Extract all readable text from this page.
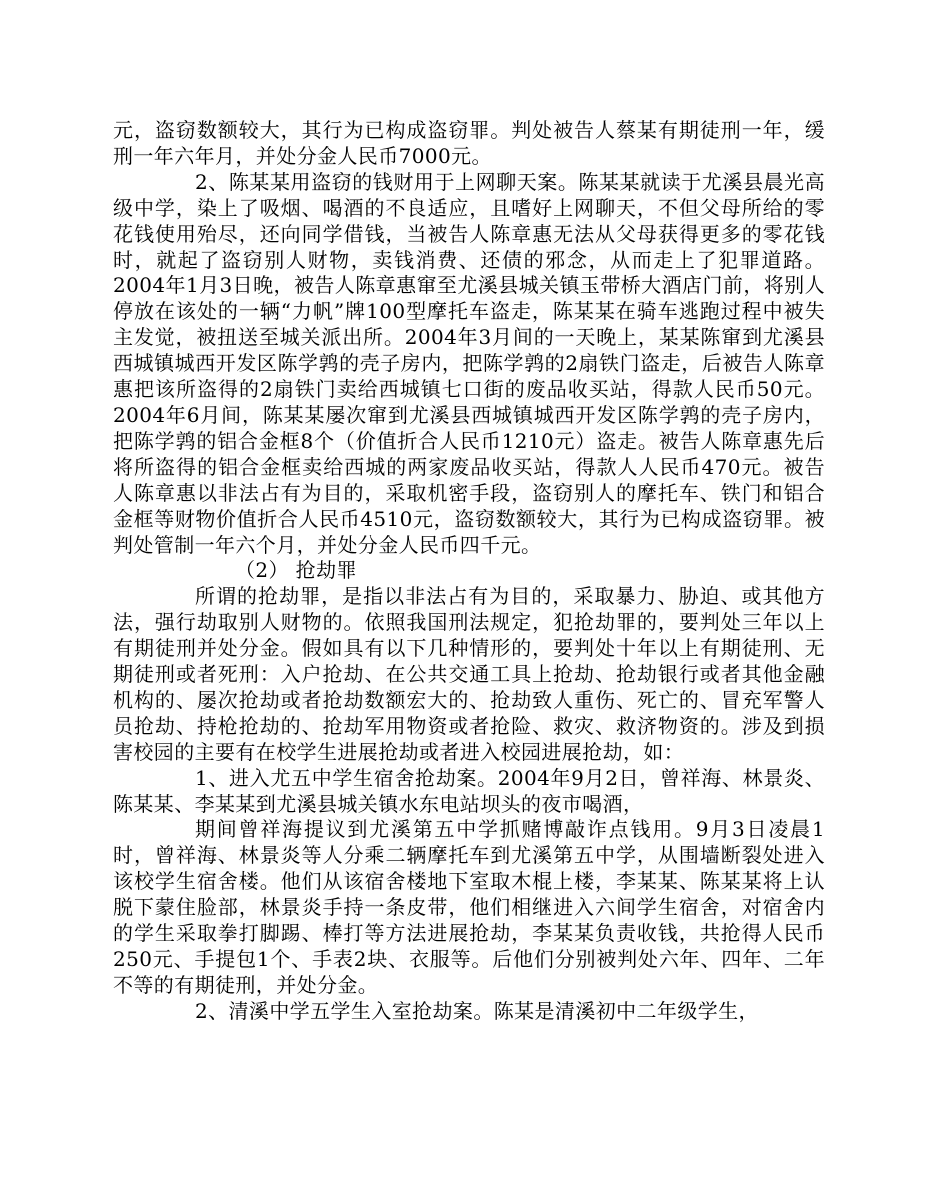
元，盗窃数额较大，其行为已构成盗窃罪。判处被告人蔡某有期徒刑一年，缓刑一年六年月，并处分金人民币7000元。

2、陈某某用盗窃的钱财用于上网聊天案。陈某某就读于尤溪县晨光高级中学，染上了吸烟、喝酒的不良适应，且嗜好上网聊天，不但父母所给的零花钱使用殆尽，还向同学借钱，当被告人陈章惠无法从父母获得更多的零花钱时，就起了盗窃别人财物，卖钱消费、还债的邪念，从而走上了犯罪道路。2004年1月3日晚，被告人陈章惠窜至尤溪县城关镇玉带桥大酒店门前，将别人停放在该处的一辆“力帆”牌100型摩托车盗走，陈某某在骑车逃跑过程中被失主发觉，被扭送至城关派出所。2004年3月间的一天晚上，某某陈窜到尤溪县西城镇城西开发区陈学鹑的壳子房内，把陈学鹑的2扇铁门盗走，后被告人陈章惠把该所盗得的2扇铁门卖给西城镇七口街的废品收买站，得款人民币50元。2004年6月间，陈某某屡次窜到尤溪县西城镇城西开发区陈学鹑的壳子房内，把陈学鹑的铝合金框8个（价值折合人民币1210元）盗走。被告人陈章惠先后将所盗得的铝合金框卖给西城的两家废品收买站，得款人人民币470元。被告人陈章惠以非法占有为目的，采取机密手段，盗窃别人的摩托车、铁门和铝合金框等财物价值折合人民币4510元，盗窃数额较大，其行为已构成盗窃罪。被判处管制一年六个月，并处分金人民币四千元。

（2） 抢劫罪

所谓的抢劫罪，是指以非法占有为目的，采取暴力、胁迫、或其他方法，强行劫取别人财物的。依照我国刑法规定，犯抢劫罪的，要判处三年以上有期徒刑并处分金。假如具有以下几种情形的，要判处十年以上有期徒刑、无期徒刑或者死刑：入户抢劫、在公共交通工具上抢劫、抢劫银行或者其他金融机构的、屡次抢劫或者抢劫数额宏大的、抢劫致人重伤、死亡的、冒充军警人员抢劫、持枪抢劫的、抢劫军用物资或者抢险、救灾、救济物资的。涉及到损害校园的主要有在校学生进展抢劫或者进入校园进展抢劫，如：

1、进入尤五中学生宿舍抢劫案。2004年9月2日，曾祥海、林景炎、陈某某、李某某到尤溪县城关镇水东电站坝头的夜市喝酒，

期间曾祥海提议到尤溪第五中学抓赌博敲诈点钱用。9月3日凌晨1时，曾祥海、林景炎等人分乘二辆摩托车到尤溪第五中学，从围墙断裂处进入该校学生宿舍楼。他们从该宿舍楼地下室取木棍上楼，李某某、陈某某将上认脱下蒙住脸部，林景炎手持一条皮带，他们相继进入六间学生宿舍，对宿舍内的学生采取拳打脚踢、棒打等方法进展抢劫，李某某负责收钱，共抢得人民币250元、手提包1个、手表2块、衣服等。后他们分别被判处六年、四年、二年不等的有期徒刑，并处分金。

2、清溪中学五学生入室抢劫案。陈某是清溪初中二年级学生，
